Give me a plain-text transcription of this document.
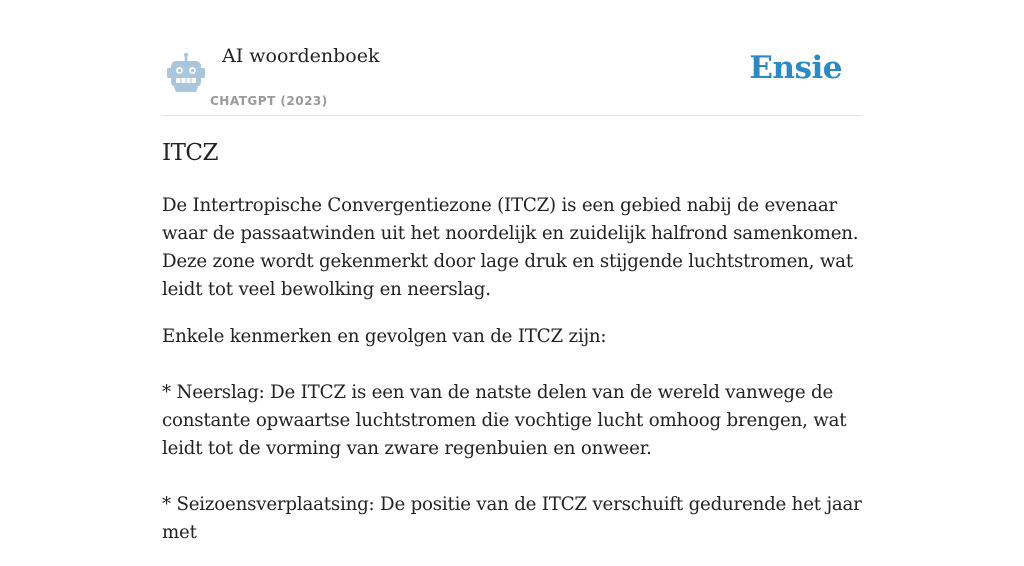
AI woordenboek
CHATGPT (2023)
Ensie
ITCZ

De Intertropische Convergentiezone (ITCZ) is een gebied nabij de evenaar waar de passaatwinden uit het noordelijk en zuidelijk halfrond samenkomen. Deze zone wordt gekenmerkt door lage druk en stijgende luchtstromen, wat leidt tot veel bewolking en neerslag.

Enkele kenmerken en gevolgen van de ITCZ zijn:

* Neerslag: De ITCZ is een van de natste delen van de wereld vanwege de constante opwaartse luchtstromen die vochtige lucht omhoog brengen, wat leidt tot de vorming van zware regenbuien en onweer.

* Seizoensverplaatsing: De positie van de ITCZ verschuift gedurende het jaar met
